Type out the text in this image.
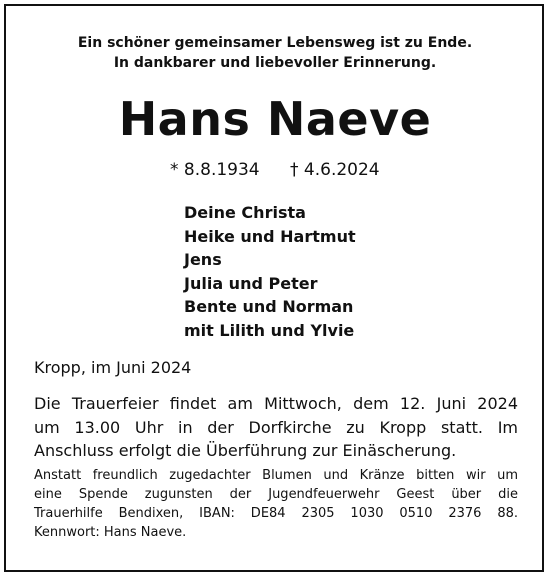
Ein schöner gemeinsamer Lebensweg ist zu Ende.
In dankbarer und liebevoller Erinnerung.
Hans Naeve
* 8.8.1934 † 4.6.2024
Deine Christa
Heike und Hartmut
Jens
Julia und Peter
Bente und Norman
mit Lilith und Ylvie
Kropp, im Juni 2024
Die Trauerfeier findet am Mittwoch, dem 12. Juni 2024
um 13.00 Uhr in der Dorfkirche zu Kropp statt. Im
Anschluss erfolgt die Überführung zur Einäscherung.
Anstatt freundlich zugedachter Blumen und Kränze bitten wir um
eine Spende zugunsten der Jugendfeuerwehr Geest über die
Trauerhilfe Bendixen, IBAN: DE84 2305 1030 0510 2376 88.
Kennwort: Hans Naeve.
